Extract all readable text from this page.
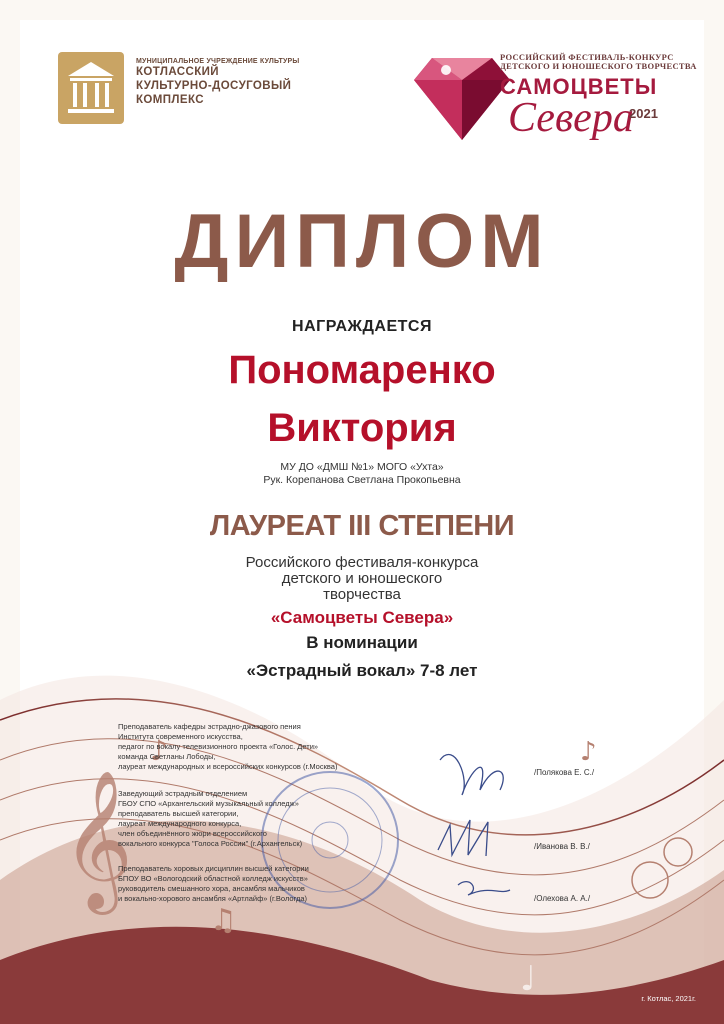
𝄞
♪
♫
♪
♩
МУНИЦИПАЛЬНОЕ УЧРЕЖДЕНИЕ КУЛЬТУРЫ
КОТЛАССКИЙ
КУЛЬТУРНО-ДОСУГОВЫЙ
КОМПЛЕКС
РОССИЙСКИЙ ФЕСТИВАЛЬ-КОНКУРС
ДЕТСКОГО И ЮНОШЕСКОГО ТВОРЧЕСТВА
САМОЦВЕТЫ
Севера
2021
ДИПЛОМ
НАГРАЖДАЕТСЯ
Пономаренко
Виктория
МУ ДО «ДМШ №1» МОГО «Ухта»
Рук. Корепанова Светлана Прокопьевна
ЛАУРЕАТ III СТЕПЕНИ
Российского фестиваля-конкурса
детского и юношеского
творчества
«Самоцветы Севера»
В номинации
«Эстрадный вокал» 7-8 лет
Преподаватель кафедры эстрадно-джазового пения
Института современного искусства,
педагог по вокалу телевизионного проекта «Голос. Дети»
команда Светланы Лободы,
лауреат международных и всероссийских конкурсов (г.Москва)
/Полякова Е. С./
Заведующий эстрадным отделением
ГБОУ СПО «Архангельский музыкальный колледж»
преподаватель высшей категории,
лауреат международного конкурса,
член объединённого жюри всероссийского
вокального конкурса "Голоса России" (г.Архангельск)	/Иванова В. В./
Преподаватель хоровых дисциплин высшей категории
БПОУ ВО «Вологодский областной колледж искусств»
руководитель смешанного хора, ансамбля мальчиков
и вокально-хорового ансамбля «Артлайф» (г.Вологда)	/Олехова А. А./
г. Котлас, 2021г.
